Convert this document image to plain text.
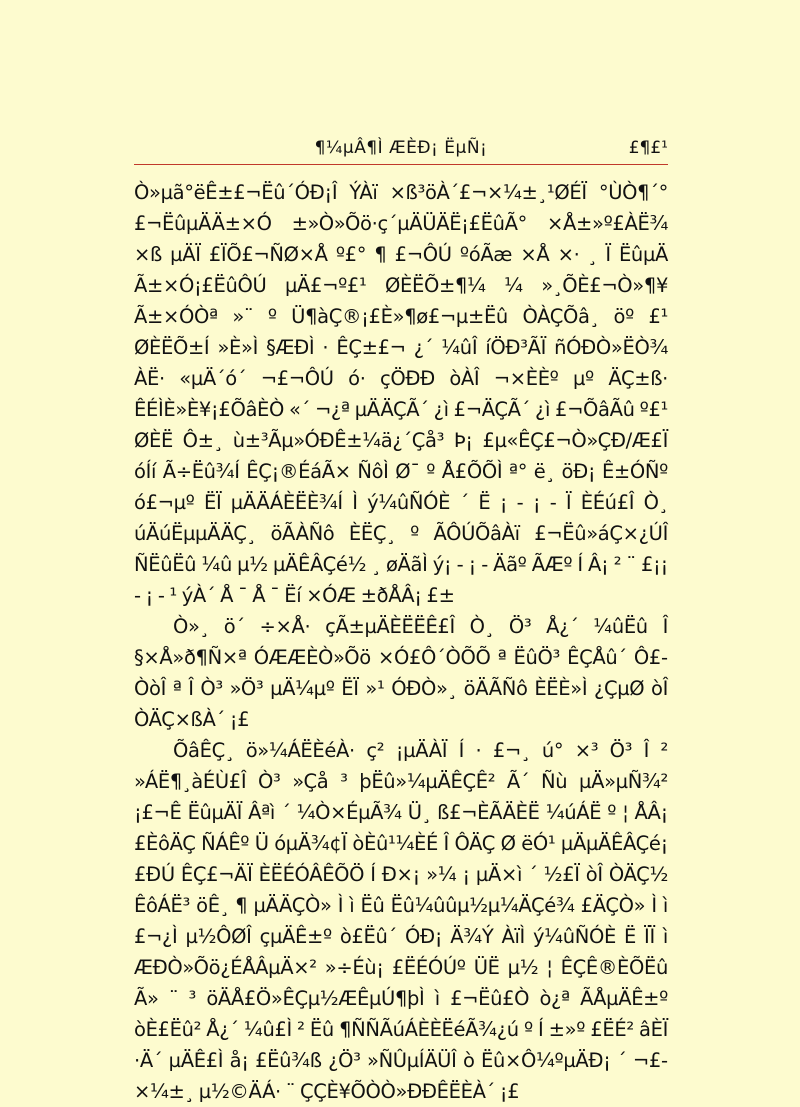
¶¼µÂ¶Ì ÆÈÐ¡ ËµÑ¡	£¶£¹

Ò»µã°ëÊ±£¬Ëû´ÓÐ¡Î ÝÀï ×ß³öÀ´£¬×¼±¸¹ØÉÏ °ÙÒ¶´°£¬ËûµÄÄ±×Ó ±»Ò»Õö·ç´µÄÜÄË¡£ËûÃ° ×Å±»º£ÀË¾ ×ß µÄÏ £ÏÕ£¬ÑØ×Å º£° ¶ £¬ÔÚ ºóÃæ ×Å ×· ¸ Ï ËûµÄ Ã±×Ó¡£ËûÔÚ µÄ£¬º£¹ ØÈËÕ±¶¼ ¼ »¸ÕÈ£¬Ò»¶¥ Ã±×ÓÒª »¨ º Ü¶àÇ®¡£È»¶ø£¬µ±Ëû ÒÀÇÕâ¸ öº £¹ ØÈËÕ±Í »È»Ì §ÆÐÌ · ÊÇ±£¬ ¿´ ¼ûÎ íÖÐ³ÃÏ ñÓÐÒ»ËÒ¾ ÀË· «µÄ´ó´ ¬£¬ÔÚ ó· çÖÐÐ òÀÎ ¬×ÈÈº µº ÄÇ±ß· ÊÉÌÈ»È¥¡£ÕâÈÒ «´ ¬¿ª µÄÄÇÃ´ ¿ì £¬ÄÇÃ´ ¿ì £¬ÕâÃû º£¹ ØÈË Ô±¸ ù±³Ãµ»ÓÐÊ±¼ä¿´Çå³ Þ¡ £µ«ÊÇ£¬Ò»ÇÐ/Æ£Ï óÍí Ã÷Ëû¾Í ÊÇ¡®ÉáÃ× ÑôÌ Ø¯ º Å£ÕÕÌ ª° ë¸ öÐ¡ Ê±ÓÑº ó£¬µº ËÏ µÄÄÁÈËÈ¾Í Ì ý¼ûÑÓÈ ´ Ë ¡ - ¡ - Ï ÈÉú£Î Ò¸ úÄúËµµÄÄÇ¸ öÃÀÑô ÈËÇ¸ º ÃÔÚÕâÀï £¬Ëû»áÇ×¿ÚÎ ÑËûËû ¼û µ½ µÄÊÂÇé½ ¸ øÄãÌ ý¡ - ¡ - Äãº ÃÆº Í Â¡ ² ¨ £¡¡ - ¡ - ¹ ýÀ´ Å ¯ Å ¯ Ëí ×ÓÆ ±ðÅÂ¡ £±

Ò»¸ ö´ ÷×Å· çÃ±µÄÈËËÊ£Î Ò¸ Ö³ Å¿´ ¼ûËû Î §×Å»ð¶Ñ×ª ÓÆÆÈÒ»Õö ×Ó£Ô´ÒÕÕ ª ËûÖ³ ÊÇÅû´ Ô£ÒòÎ ª Î Ò³ »Ö³ µÄ¼µº ËÏ »¹ ÓÐÒ»¸ öÄÃÑô ÈËÈ»Ì ¿ÇµØ òÎ ÒÄÇ×ßÀ´ ¡£

ÕâÊÇ¸ ö»¼ÁËÈéÀ· ç² ¡µÄÀÏ Í · £¬¸ ú° ×³ Ö³ Î ² »ÁË¶¸àÉÙ£Î Ò³ »Çå ³ þËû»¼µÄÊÇÊ² Ã´ Ñù µÄ»µÑ¾² ¡£¬Ê ËûµÄÏ Âªì ´ ¼Ò×ÉµÃ¾ Ü¸ ß£¬ÈÃÄÈË ¼úÁË º ¦ ÅÂ¡ £ÈôÄÇ ÑÁÊº Ü óµÄ¾¢Ï òÈû¹¼ÈÉ Î ÔÄÇ Ø ëÓ¹ µÄµÄÊÂÇé¡ £ÐÚ ÊÇ£¬ÄÏ ÈËÉÓÂÊÕÖ Í Ð×¡ »¼ ¡ µÄ×ì ´ ½£Ï òÎ ÒÄÇ½ ÊôÁË³ öÊ¸ ¶ µÄÄÇÒ» Ì ì Ëû Ëû¼ûûµ½µ¼ÄÇé¾ £ÄÇÒ» Ì ì £¬¿Ì µ½ÔØÎ çµÄÊ±º ò£Ëû´ ÓÐ¡ Ä¾Ý ÀïÌ ý¼ûÑÓÈ Ë ÏÏ ì ÆÐÒ»Õö¿ÉÅÂµÄ×² »÷Éù¡ £ËÉÓÚº ÜË µ½ ¦ ÊÇÊ®ÈÕËû Ã» ¨ ³ öÄÅ£Ö»ÊÇµ½ÆÊµÚ¶þÌ ì £¬Ëû£Ò ò¿ª ÃÅµÄÊ±º òÈ£Ëû² Å¿´ ¼û£Ì ² Ëû ¶ÑÑÃúÁÈÈËéÃ¾¿ú º Í ±»º £ËÉ² âÈÏ ·Ä´ µÄÊ£Ì å¡ £Ëû¾ß ¿Ö³ »ÑÛµÍÄÜÎ ò Ëû×Ô¼ºµÄÐ¡ ´ ¬£×¼±¸ µ½©ÄÁ· ¨ ÇÇÈ¥ÕÒÒ»ÐÐÊËÈÀ´ ¡£
